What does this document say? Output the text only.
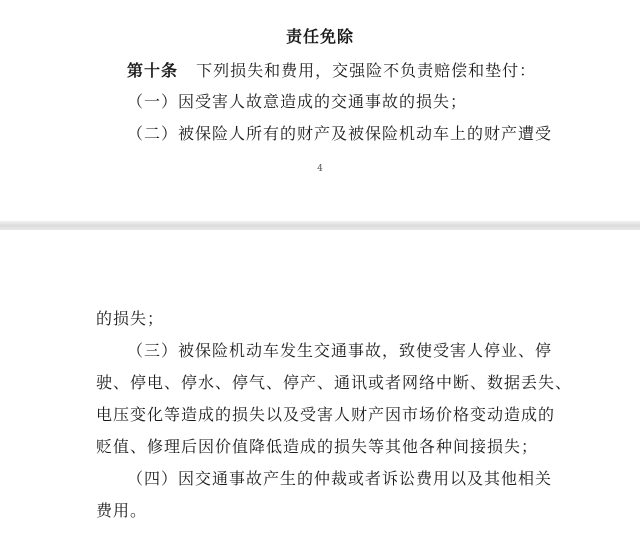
责任免除
第十条 下列损失和费用，交强险不负责赔偿和垫付：
（一）因受害人故意造成的交通事故的损失；
（二）被保险人所有的财产及被保险机动车上的财产遭受
4
的损失；
（三）被保险机动车发生交通事故，致使受害人停业、停
驶、停电、停水、停气、停产、通讯或者网络中断、数据丢失、
电压变化等造成的损失以及受害人财产因市场价格变动造成的
贬值、修理后因价值降低造成的损失等其他各种间接损失；
（四）因交通事故产生的仲裁或者诉讼费用以及其他相关
费用。
